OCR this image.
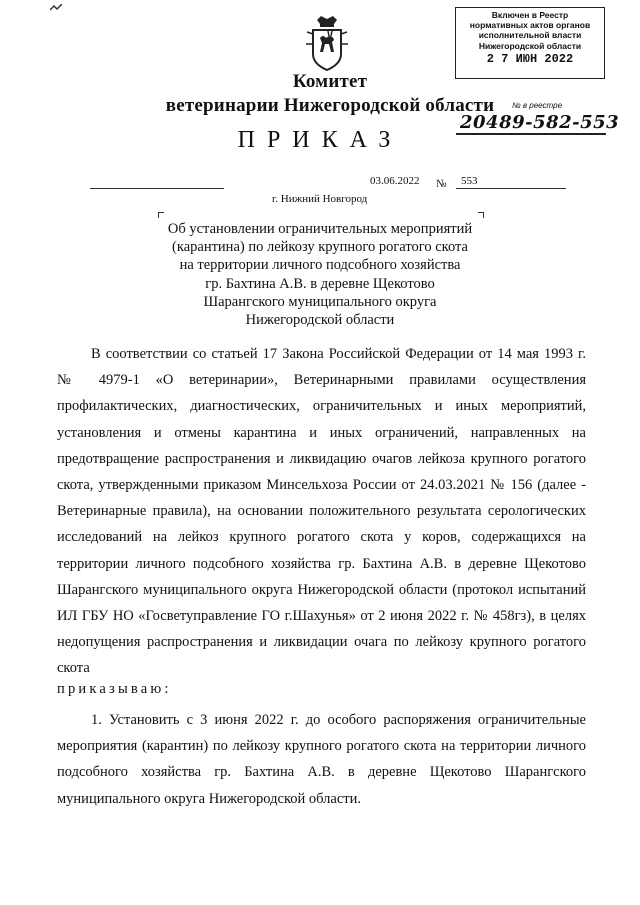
Включен в Реестр
нормативных актов органов
исполнительной власти
Нижегородской области
2 7 ИЮН 2022
№ в реестре
20489-582-553
Комитет
ветеринарии Нижегородской области
ПРИКАЗ
03.06.2022 № 553
г. Нижний Новгород
Об установлении ограничительных мероприятий
(карантина) по лейкозу крупного рогатого скота
на территории личного подсобного хозяйства
гр. Бахтина А.В. в деревне Щекотово
Шарангского муниципального округа
Нижегородской области
В соответствии со статьей 17 Закона Российской Федерации от 14 мая 1993 г. № 4979-1 «О ветеринарии», Ветеринарными правилами осуществления профилактических, диагностических, ограничительных и иных мероприятий, установления и отмены карантина и иных ограничений, направленных на предотвращение распространения и ликвидацию очагов лейкоза крупного рогатого скота, утвержденными приказом Минсельхоза России от 24.03.2021 № 156 (далее - Ветеринарные правила), на основании положительного результата серологических исследований на лейкоз крупного рогатого скота у коров, содержащихся на территории личного подсобного хозяйства гр. Бахтина А.В. в деревне Щекотово Шарангского муниципального округа Нижегородской области (протокол испытаний ИЛ ГБУ НО «Госветуправление ГО г.Шахунья» от 2 июня 2022 г. № 458гз), в целях недопущения распространения и ликвидации очага по лейкозу крупного рогатого скота
приказываю:
1. Установить с 3 июня 2022 г. до особого распоряжения ограничительные мероприятия (карантин) по лейкозу крупного рогатого скота на территории личного подсобного хозяйства гр. Бахтина А.В. в деревне Щекотово Шарангского муниципального округа Нижегородской области.
